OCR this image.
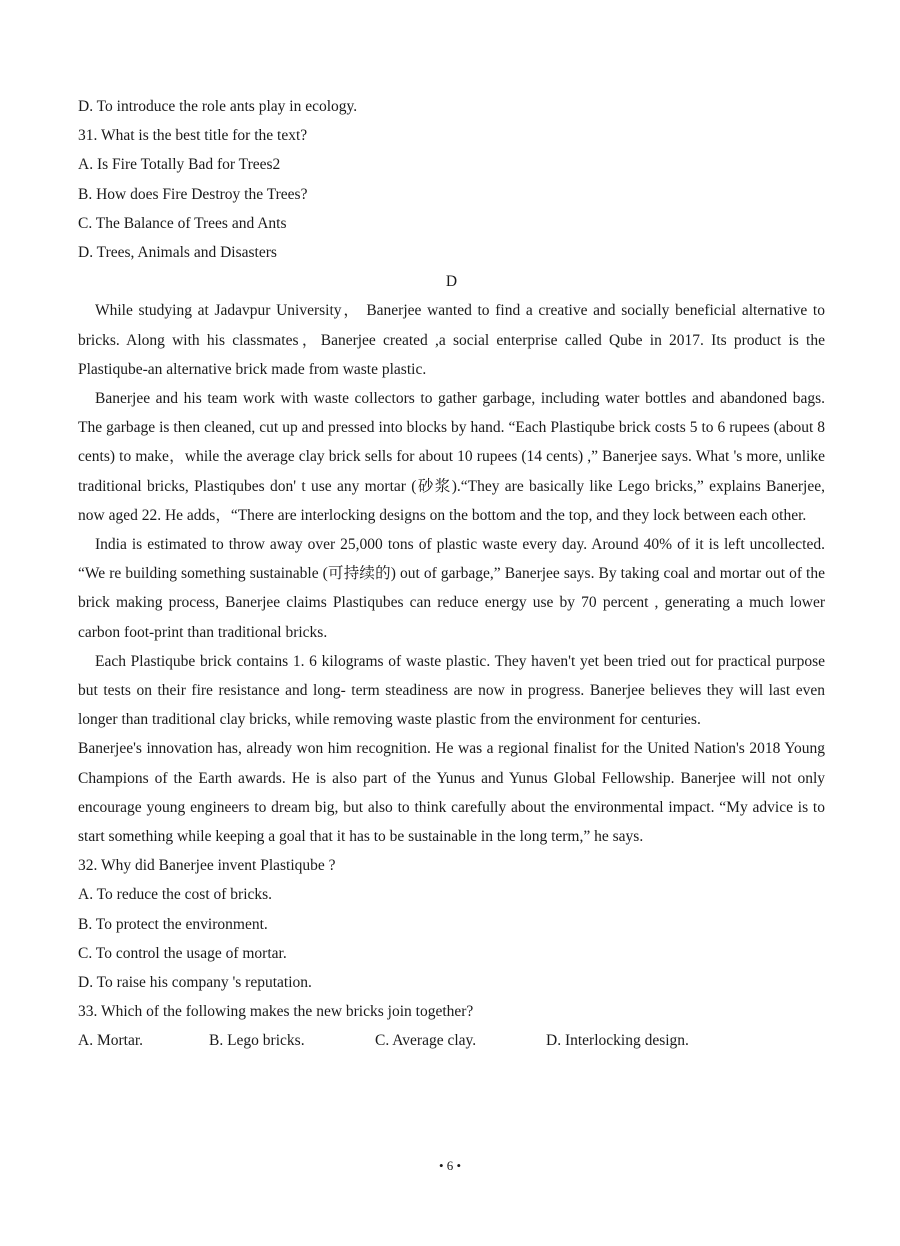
D. To introduce the role ants play in ecology.
31. What is the best title for the text?
A. Is Fire Totally Bad for Trees2
B. How does Fire Destroy the Trees?
C. The Balance of Trees and Ants
D. Trees, Animals and Disasters
D
While studying at Jadavpur University， Banerjee wanted to find a creative and socially beneficial alternative to bricks. Along with his classmates，Banerjee created ,a social enterprise called Qube in 2017. Its product is the Plastiqube-an alternative brick made from waste plastic.
Banerjee and his team work with waste collectors to gather garbage, including water bottles and abandoned bags. The garbage is then cleaned, cut up and pressed into blocks by hand. “Each Plastiqube brick costs 5 to 6 rupees (about 8 cents) to make，while the average clay brick sells for about 10 rupees (14 cents) ,” Banerjee says. What 's more, unlike traditional bricks, Plastiqubes don' t use any mortar (砂浆).“They are basically like Lego bricks,” explains Banerjee, now aged 22. He adds，“There are interlocking designs on the bottom and the top, and they lock between each other.
India is estimated to throw away over 25,000 tons of plastic waste every day. Around 40% of it is left uncollected. “We re building something sustainable (可持续的) out of garbage,” Banerjee says. By taking coal and mortar out of the brick making process, Banerjee claims Plastiqubes can reduce energy use by 70 percent , generating a much lower carbon foot-print than traditional bricks.
Each Plastiqube brick contains 1. 6 kilograms of waste plastic. They haven't yet been tried out for practical purpose but tests on their fire resistance and long- term steadiness are now in progress. Banerjee believes they will last even longer than traditional clay bricks, while removing waste plastic from the environment for centuries.
Banerjee's innovation has, already won him recognition. He was a regional finalist for the United Nation's 2018 Young Champions of the Earth awards. He is also part of the Yunus and Yunus Global Fellowship. Banerjee will not only encourage young engineers to dream big, but also to think carefully about the environmental impact. “My advice is to start something while keeping a goal that it has to be sustainable in the long term,” he says.
32. Why did Banerjee invent Plastiqube ?
A. To reduce the cost of bricks.
B. To protect the environment.
C. To control the usage of mortar.
D. To raise his company 's reputation.
33. Which of the following makes the new bricks join together?
A. Mortar.	B. Lego bricks.	C. Average clay.	D. Interlocking design.
• 6 •
